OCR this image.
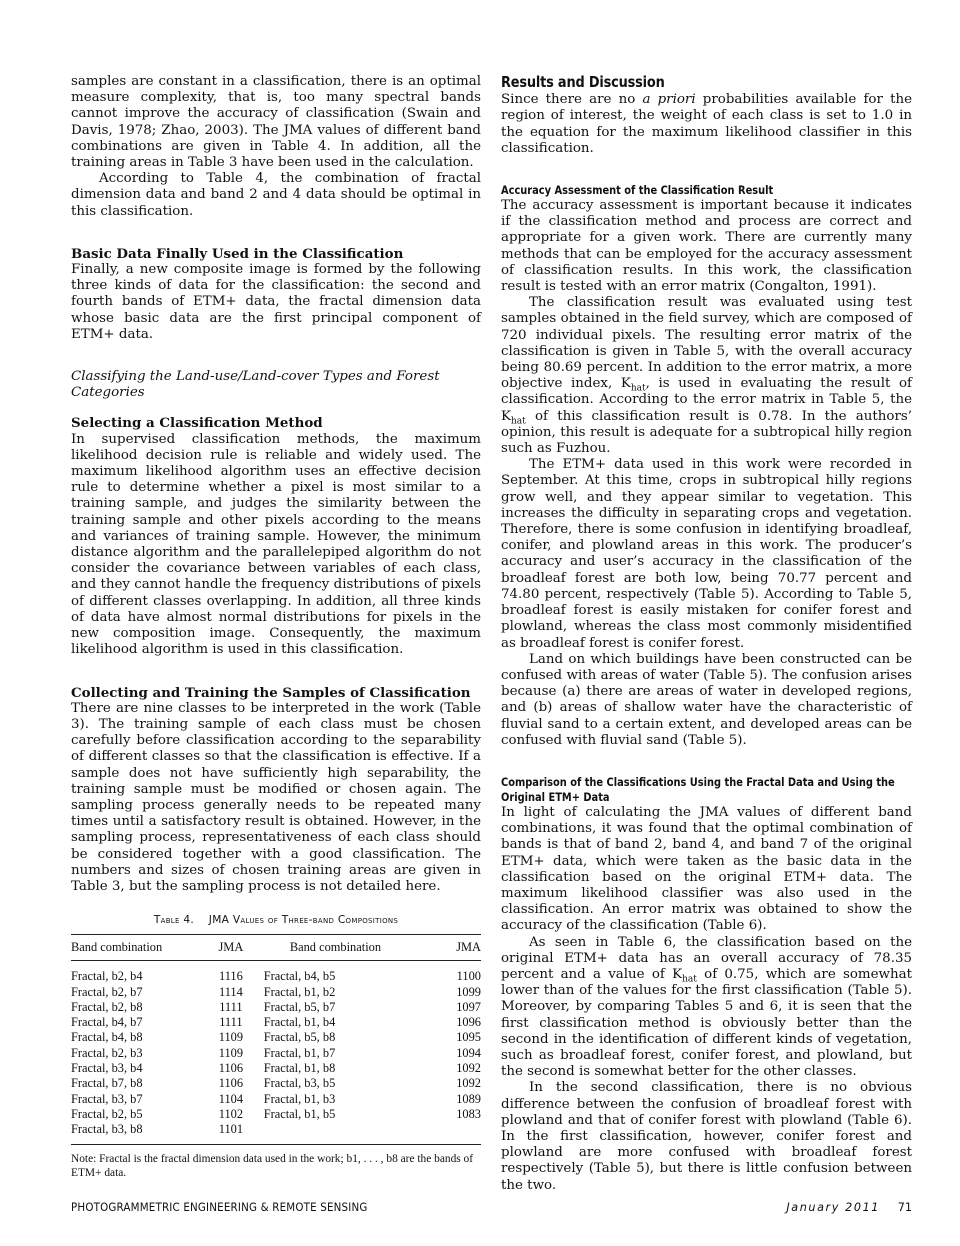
samples are constant in a classification, there is an optimal measure complexity, that is, too many spectral bands cannot improve the accuracy of classification (Swain and Davis, 1978; Zhao, 2003). The JMA values of different band combinations are given in Table 4. In addition, all the training areas in Table 3 have been used in the calculation.

According to Table 4, the combination of fractal dimension data and band 2 and 4 data should be optimal in this classification.

Basic Data Finally Used in the Classification

Finally, a new composite image is formed by the following three kinds of data for the classification: the second and fourth bands of ETM+ data, the fractal dimension data whose basic data are the first principal component of ETM+ data.

Classifying the Land-use/Land-cover Types and Forest Categories
Selecting a Classification Method

In supervised classification methods, the maximum likelihood decision rule is reliable and widely used. The maximum likelihood algorithm uses an effective decision rule to determine whether a pixel is most similar to a training sample, and judges the similarity between the training sample and other pixels according to the means and variances of training sample. However, the minimum distance algorithm and the parallelepiped algorithm do not consider the covariance between variables of each class, and they cannot handle the frequency distributions of pixels of different classes overlapping. In addition, all three kinds of data have almost normal distributions for pixels in the new composition image. Consequently, the maximum likelihood algorithm is used in this classification.

Collecting and Training the Samples of Classification

There are nine classes to be interpreted in the work (Table 3). The training sample of each class must be chosen carefully before classification according to the separability of different classes so that the classification is effective. If a sample does not have sufficiently high separability, the training sample must be modified or chosen again. The sampling process generally needs to be repeated many times until a satisfactory result is obtained. However, in the sampling process, representativeness of each class should be considered together with a good classification. The numbers and sizes of chosen training areas are given in Table 3, but the sampling process is not detailed here.

Table 4. JMA Values of Three-band Compositions
Band combination	JMA	Band combination	JMA
Fractal, b2, b4	1116	Fractal, b4, b5	1100
Fractal, b2, b7	1114	Fractal, b1, b2	1099
Fractal, b2, b8	1111	Fractal, b5, b7	1097
Fractal, b4, b7	1111	Fractal, b1, b4	1096
Fractal, b4, b8	1109	Fractal, b5, b8	1095
Fractal, b2, b3	1109	Fractal, b1, b7	1094
Fractal, b3, b4	1106	Fractal, b1, b8	1092
Fractal, b7, b8	1106	Fractal, b3, b5	1092
Fractal, b3, b7	1104	Fractal, b1, b3	1089
Fractal, b2, b5	1102	Fractal, b1, b5	1083
Fractal, b3, b8	1101		
Note: Fractal is the fractal dimension data used in the work; b1, . . . , b8 are the bands of ETM+ data.
Results and Discussion

Since there are no a priori probabilities available for the region of interest, the weight of each class is set to 1.0 in the equation for the maximum likelihood classifier in this classification.

Accuracy Assessment of the Classification Result

The accuracy assessment is important because it indicates if the classification method and process are correct and appropriate for a given work. There are currently many methods that can be employed for the accuracy assessment of classification results. In this work, the classification result is tested with an error matrix (Congalton, 1991).

The classification result was evaluated using test samples obtained in the field survey, which are composed of 720 individual pixels. The resulting error matrix of the classification is given in Table 5, with the overall accuracy being 80.69 percent. In addition to the error matrix, a more objective index, $K_{hat}$, is used in evaluating the result of classification. According to the error matrix in Table 5, the $K_{hat}$ of this classification result is 0.78. In the authors’ opinion, this result is adequate for a subtropical hilly region such as Fuzhou.

The ETM+ data used in this work were recorded in September. At this time, crops in subtropical hilly regions grow well, and they appear similar to vegetation. This increases the difficulty in separating crops and vegetation. Therefore, there is some confusion in identifying broadleaf, conifer, and plowland areas in this work. The producer’s accuracy and user’s accuracy in the classification of the broadleaf forest are both low, being 70.77 percent and 74.80 percent, respectively (Table 5). According to Table 5, broadleaf forest is easily mistaken for conifer forest and plowland, whereas the class most commonly misidentified as broadleaf forest is conifer forest.

Land on which buildings have been constructed can be confused with areas of water (Table 5). The confusion arises because (a) there are areas of water in developed regions, and (b) areas of shallow water have the characteristic of fluvial sand to a certain extent, and developed areas can be confused with fluvial sand (Table 5).

Comparison of the Classifications Using the Fractal Data and Using the Original ETM+ Data

In light of calculating the JMA values of different band combinations, it was found that the optimal combination of bands is that of band 2, band 4, and band 7 of the original ETM+ data, which were taken as the basic data in the classification based on the original ETM+ data. The maximum likelihood classifier was also used in the classification. An error matrix was obtained to show the accuracy of the classification (Table 6).

As seen in Table 6, the classification based on the original ETM+ data has an overall accuracy of 78.35 percent and a value of $K_{hat}$ of 0.75, which are somewhat lower than of the values for the first classification (Table 5). Moreover, by comparing Tables 5 and 6, it is seen that the first classification method is obviously better than the second in the identification of different kinds of vegetation, such as broadleaf forest, conifer forest, and plowland, but the second is somewhat better for the other classes.

In the second classification, there is no obvious difference between the confusion of broadleaf forest with plowland and that of conifer forest with plowland (Table 6). In the first classification, however, conifer forest and plowland are more confused with broadleaf forest respectively (Table 5), but there is little confusion between the two.

PHOTOGRAMMETRIC ENGINEERING & REMOTE SENSING	January 2011 71
